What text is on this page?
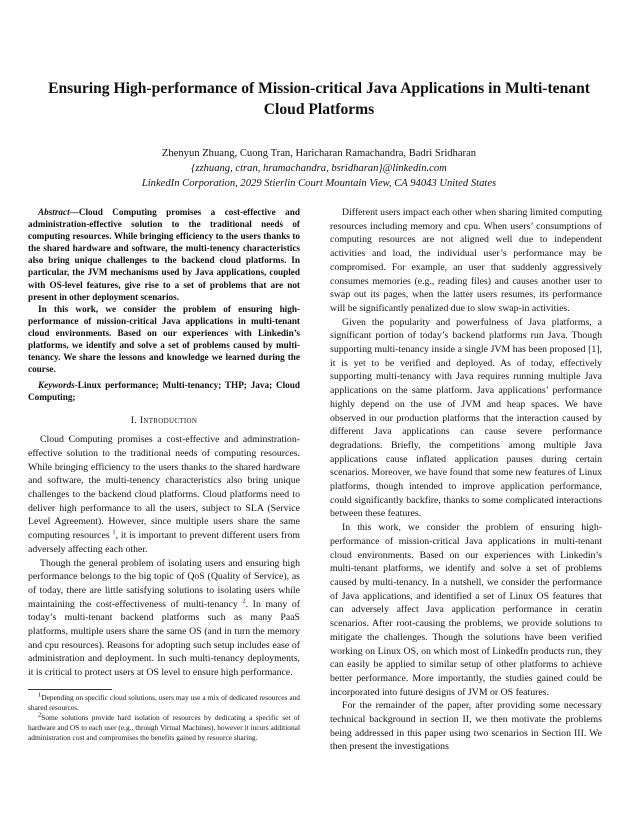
Ensuring High-performance of Mission-critical Java Applications in Multi-tenant Cloud Platforms
Zhenyun Zhuang, Cuong Tran, Haricharan Ramachandra, Badri Sridharan
{zzhuang, ctran, hramachandra, bsridharan}@linkedin.com
LinkedIn Corporation, 2029 Stierlin Court Mountain View, CA 94043 United States

Abstract—Cloud Computing promises a cost-effective and administration-effective solution to the traditional needs of computing resources. While bringing efficiency to the users thanks to the shared hardware and software, the multi-tenency characteristics also bring unique challenges to the backend cloud platforms. In particular, the JVM mechanisms used by Java applications, coupled with OS-level features, give rise to a set of problems that are not present in other deployment scenarios.

In this work, we consider the problem of ensuring high-performance of mission-critical Java applications in multi-tenant cloud environments. Based on our experiences with Linkedin’s platforms, we identify and solve a set of problems caused by multi-tenancy. We share the lessons and knowledge we learned during the course.

Keywords-Linux performance; Multi-tenancy; THP; Java; Cloud Computing;

I. Introduction

Cloud Computing promises a cost-effective and adminstration-effective solution to the traditional needs of computing resources. While bringing efficiency to the users thanks to the shared hardware and software, the multi-tenency characteristics also bring unique challenges to the backend cloud platforms. Cloud platforms need to deliver high performance to all the users, subject to SLA (Service Level Agreement). However, since multiple users share the same computing resources $^1$, it is important to prevent different users from adversely affecting each other.

Though the general problem of isolating users and ensuring high performance belongs to the big topic of QoS (Quality of Service), as of today, there are little satisfying solutions to isolating users while maintaining the cost-effectiveness of multi-tenancy $^2$. In many of today’s multi-tenant backend platforms such as many PaaS platforms, multiple users share the same OS (and in turn the memory and cpu resources). Reasons for adopting such setup includes ease of administration and deployment. In such multi-tenancy deployments, it is critical to protect users at OS level to ensure high performance.

$^1$Depending on specific cloud solutions, users may use a mix of dedicated resources and shared resources.

$^2$Some solutions provide hard isolation of resources by dedicating a specific set of hardware and OS to each user (e.g., through Virtual Machines), however it incurs additional administration cost and compromises the benefits gained by resource sharing.

Different users impact each other when sharing limited computing resources including memory and cpu. When users’ consumptions of computing resources are not aligned well due to independent activities and load, the individual user’s performance may be compromised. For example, an user that suddenly aggressively consumes memories (e.g., reading files) and causes another user to swap out its pages, when the latter users resumes, its performance will be significantly penalized due to slow swap-in activities.

Given the popularity and powerfulness of Java platforms, a significant portion of today’s backend platforms run Java. Though supporting multi-tenancy inside a single JVM has been proposed [1], it is yet to be verified and deployed. As of today, effectively supporting multi-tenancy with Java requires running multiple Java applications on the same platform. Java applications’ performance highly depend on the use of JVM and heap spaces. We have observed in our production platforms that the interaction caused by different Java applications can cause severe performance degradations. Briefly, the competitions among multiple Java applications cause inflated application pauses during certain scenarios. Moreover, we have found that some new features of Linux platforms, though intended to improve application performance, could significantly backfire, thanks to some complicated interactions between these features.

In this work, we consider the problem of ensuring high-performance of mission-critical Java applications in multi-tenant cloud environments. Based on our experiences with Linkedin’s multi-tenant platforms, we identify and solve a set of problems caused by multi-tenancy. In a nutshell, we consider the performance of Java applications, and identified a set of Linux OS features that can adversely affect Java application performance in ceratin scenarios. After root-causing the problems, we provide solutions to mitigate the challenges. Though the solutions have been verified working on Linux OS, on which most of LinkedIn products run, they can easily be applied to similar setup of other platforms to achieve better performance. More importantly, the studies gained could be incorporated into future designs of JVM or OS features.

For the remainder of the paper, after providing some necessary technical background in section II, we then motivate the problems being addressed in this paper using two scenarios in Section III. We then present the investigations
